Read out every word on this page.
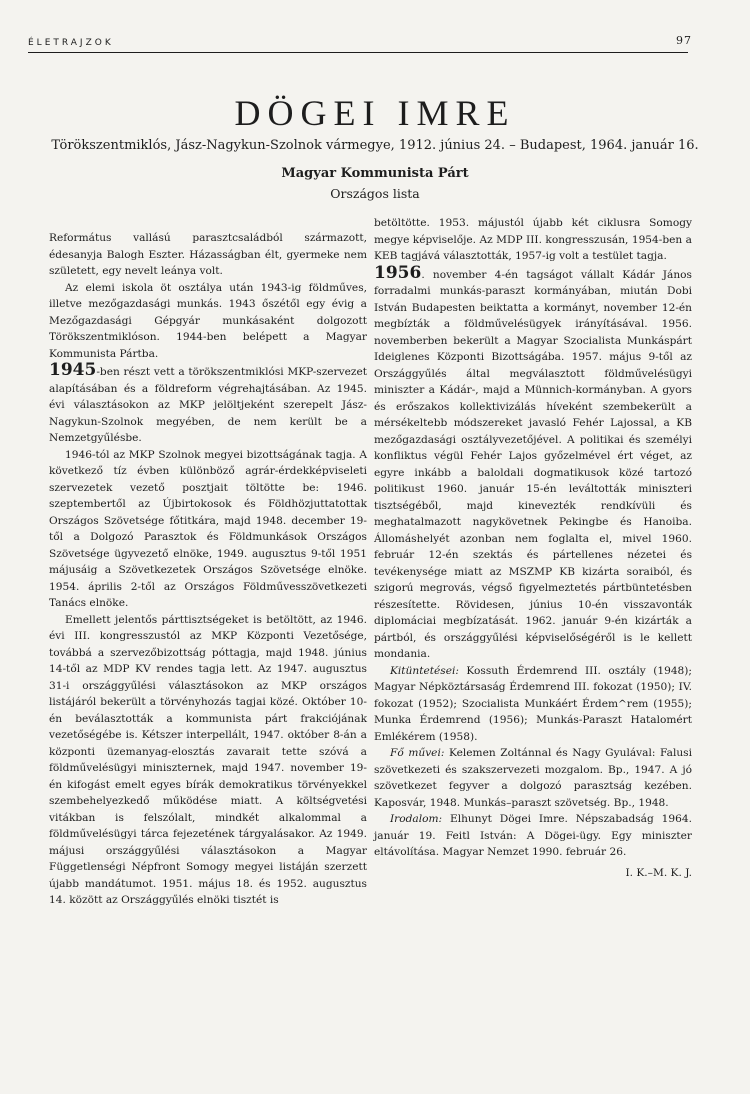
ÉLETRAJZOK	97
DÖGEI IMRE
Törökszentmiklós, Jász-Nagykun-Szolnok vármegye, 1912. június 24. – Budapest, 1964. január 16.
Magyar Kommunista Párt
Országos lista

Református vallású parasztcsaládból származott, édesanyja Balogh Eszter. Házasságban élt, gyermeke nem született, egy nevelt leánya volt.

Az elemi iskola öt osztálya után 1943-ig földműves, illetve mezőgazdasági munkás. 1943 őszétől egy évig a Mezőgazdasági Gépgyár munkásaként dolgozott Törökszentmiklóson. 1944-ben belépett a Magyar Kommunista Pártba.

1945-ben részt vett a törökszentmiklósi MKP-szervezet alapításában és a földreform végrehajtásában. Az 1945. évi választásokon az MKP jelöltjeként szerepelt Jász-Nagykun-Szolnok megyében, de nem került be a Nemzetgyűlésbe.

1946-tól az MKP Szolnok megyei bizottságának tagja. A következő tíz évben különböző agrár-érdekképviseleti szervezetek vezető posztjait töltötte be: 1946. szeptembertől az Újbirtokosok és Földhözjuttatottak Országos Szövetsége főtitkára, majd 1948. december 19-től a Dolgozó Parasztok és Földmunkások Országos Szövetsége ügyvezető elnöke, 1949. augusztus 9-től 1951 májusáig a Szövetkezetek Országos Szövetsége elnöke. 1954. április 2-től az Országos Földművesszövetkezeti Tanács elnöke.

Emellett jelentős párttisztségeket is betöltött, az 1946. évi III. kongresszustól az MKP Központi Vezetősége, továbbá a szervezőbizottság póttagja, majd 1948. június 14-től az MDP KV rendes tagja lett. Az 1947. augusztus 31-i országgyűlési választásokon az MKP országos listájáról bekerült a törvényhozás tagjai közé. Október 10-én beválasztották a kommunista párt frakciójának vezetőségébe is. Kétszer interpellált, 1947. október 8-án a központi üzemanyag-elosztás zavarait tette szóvá a földművelésügyi miniszternek, majd 1947. november 19-én kifogást emelt egyes bírák demokratikus törvényekkel szembehelyezkedő működése miatt. A költségvetési vitákban is felszólalt, mindkét alkalommal a földművelésügyi tárca fejezetének tárgyalásakor. Az 1949. májusi országgyűlési választásokon a Magyar Függetlenségi Népfront Somogy megyei listáján szerzett újabb mandátumot. 1951. május 18. és 1952. augusztus 14. között az Országgyűlés elnöki tisztét is

betöltötte. 1953. májustól újabb két ciklusra Somogy megye képviselője. Az MDP III. kongresszusán, 1954-ben a KEB tagjává választották, 1957-ig volt a testület tagja.

1956. november 4-én tagságot vállalt Kádár János forradalmi munkás-paraszt kormányában, miután Dobi István Budapesten beiktatta a kormányt, november 12-én megbízták a földművelésügyek irányításával. 1956. novemberben bekerült a Magyar Szocialista Munkáspárt Ideiglenes Központi Bizottságába. 1957. május 9-től az Országgyűlés által megválasztott földművelésügyi miniszter a Kádár-, majd a Münnich-kormányban. A gyors és erőszakos kollektivizálás híveként szembekerült a mérsékeltebb módszereket javasló Fehér Lajossal, a KB mezőgazdasági osztályvezetőjével. A politikai és személyi konfliktus végül Fehér Lajos győzelmével ért véget, az egyre inkább a baloldali dogmatikusok közé tartozó politikust 1960. január 15-én leváltották miniszteri tisztségéből, majd kinevezték rendkívüli és meghatalmazott nagykövetnek Pekingbe és Hanoiba. Állomáshelyét azonban nem foglalta el, mivel 1960. február 12-én szektás és pártellenes nézetei és tevékenysége miatt az MSZMP KB kizárta soraiból, és szigorú megrovás, végső figyelmeztetés pártbüntetésben részesítette. Rövidesen, június 10-én visszavonták diplomáciai megbízatását. 1962. január 9-én kizárták a pártból, és országgyűlési képviselőségéről is le kellett mondania.

Kitüntetései: Kossuth Érdemrend III. osztály (1948); Magyar Népköztársaság Érdemrend III. fokozat (1950); IV. fokozat (1952); Szocialista Munkáért Érdem^rem (1955); Munka Érdemrend (1956); Munkás-Paraszt Hatalomért Emlékérem (1958).

Fő művei: Kelemen Zoltánnal és Nagy Gyulával: Falusi szövetkezeti és szakszervezeti mozgalom. Bp., 1947. A jó szövetkezet fegyver a dolgozó parasztság kezében. Kaposvár, 1948. Munkás–paraszt szövetség. Bp., 1948.

Irodalom: Elhunyt Dögei Imre. Népszabadság 1964. január 19. Feitl István: A Dögei-ügy. Egy miniszter eltávolítása. Magyar Nemzet 1990. február 26.

I. K.–M. K. J.
